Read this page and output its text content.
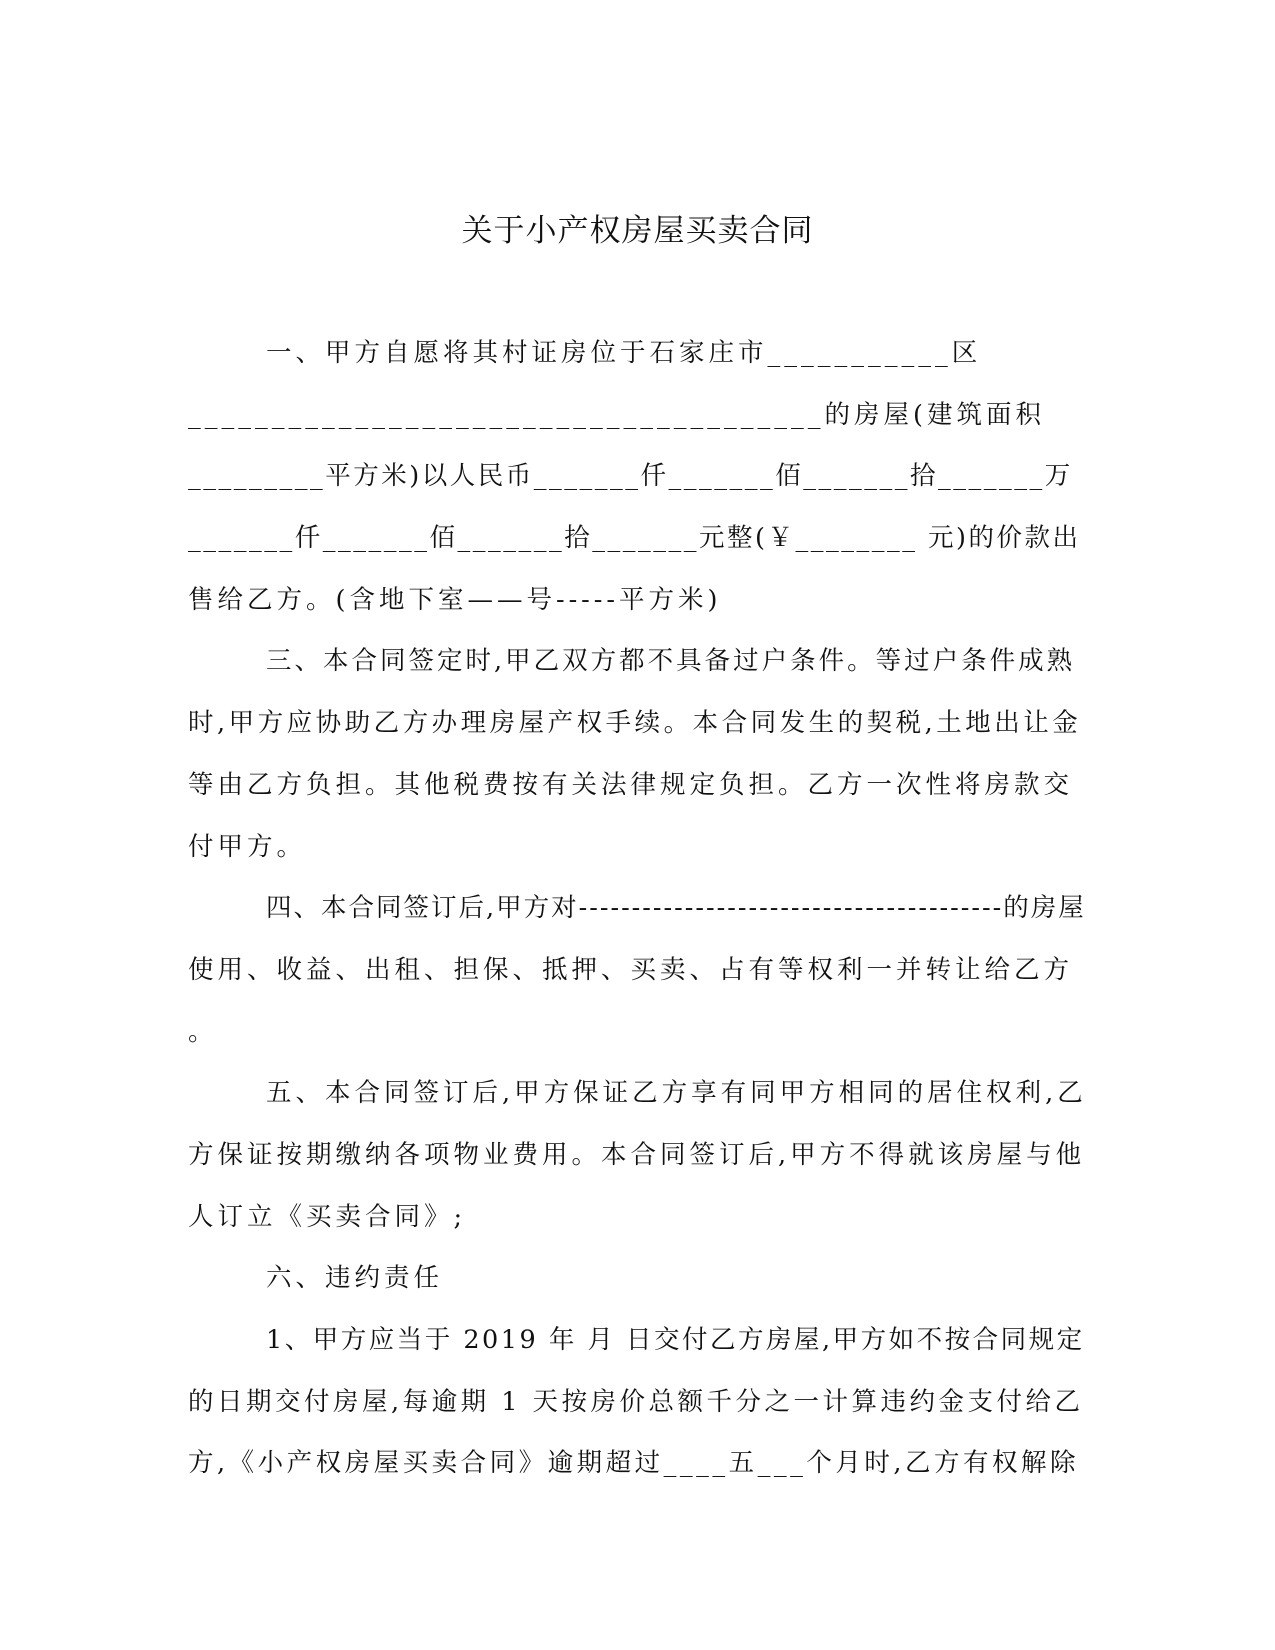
关于小产权房屋买卖合同
一、甲方自愿将其村证房位于石家庄市___________区
______________________________________的房屋(建筑面积
_________平方米)以人民币_______仟_______佰_______拾_______万
_______仟_______佰_______拾_______元整(￥________ 元)的价款出
售给乙方。(含地下室——号-----平方米)
三、本合同签定时,甲乙双方都不具备过户条件。等过户条件成熟
时,甲方应协助乙方办理房屋产权手续。本合同发生的契税,土地出让金
等由乙方负担。其他税费按有关法律规定负担。乙方一次性将房款交
付甲方。
四、本合同签订后,甲方对----------------------------------------的房屋
使用、收益、出租、担保、抵押、买卖、占有等权利一并转让给乙方
。
五、本合同签订后,甲方保证乙方享有同甲方相同的居住权利,乙
方保证按期缴纳各项物业费用。本合同签订后,甲方不得就该房屋与他
人订立《买卖合同》;
六、违约责任
1、甲方应当于 2019 年 月 日交付乙方房屋,甲方如不按合同规定
的日期交付房屋,每逾期 1 天按房价总额千分之一计算违约金支付给乙
方,《小产权房屋买卖合同》逾期超过____五___个月时,乙方有权解除
